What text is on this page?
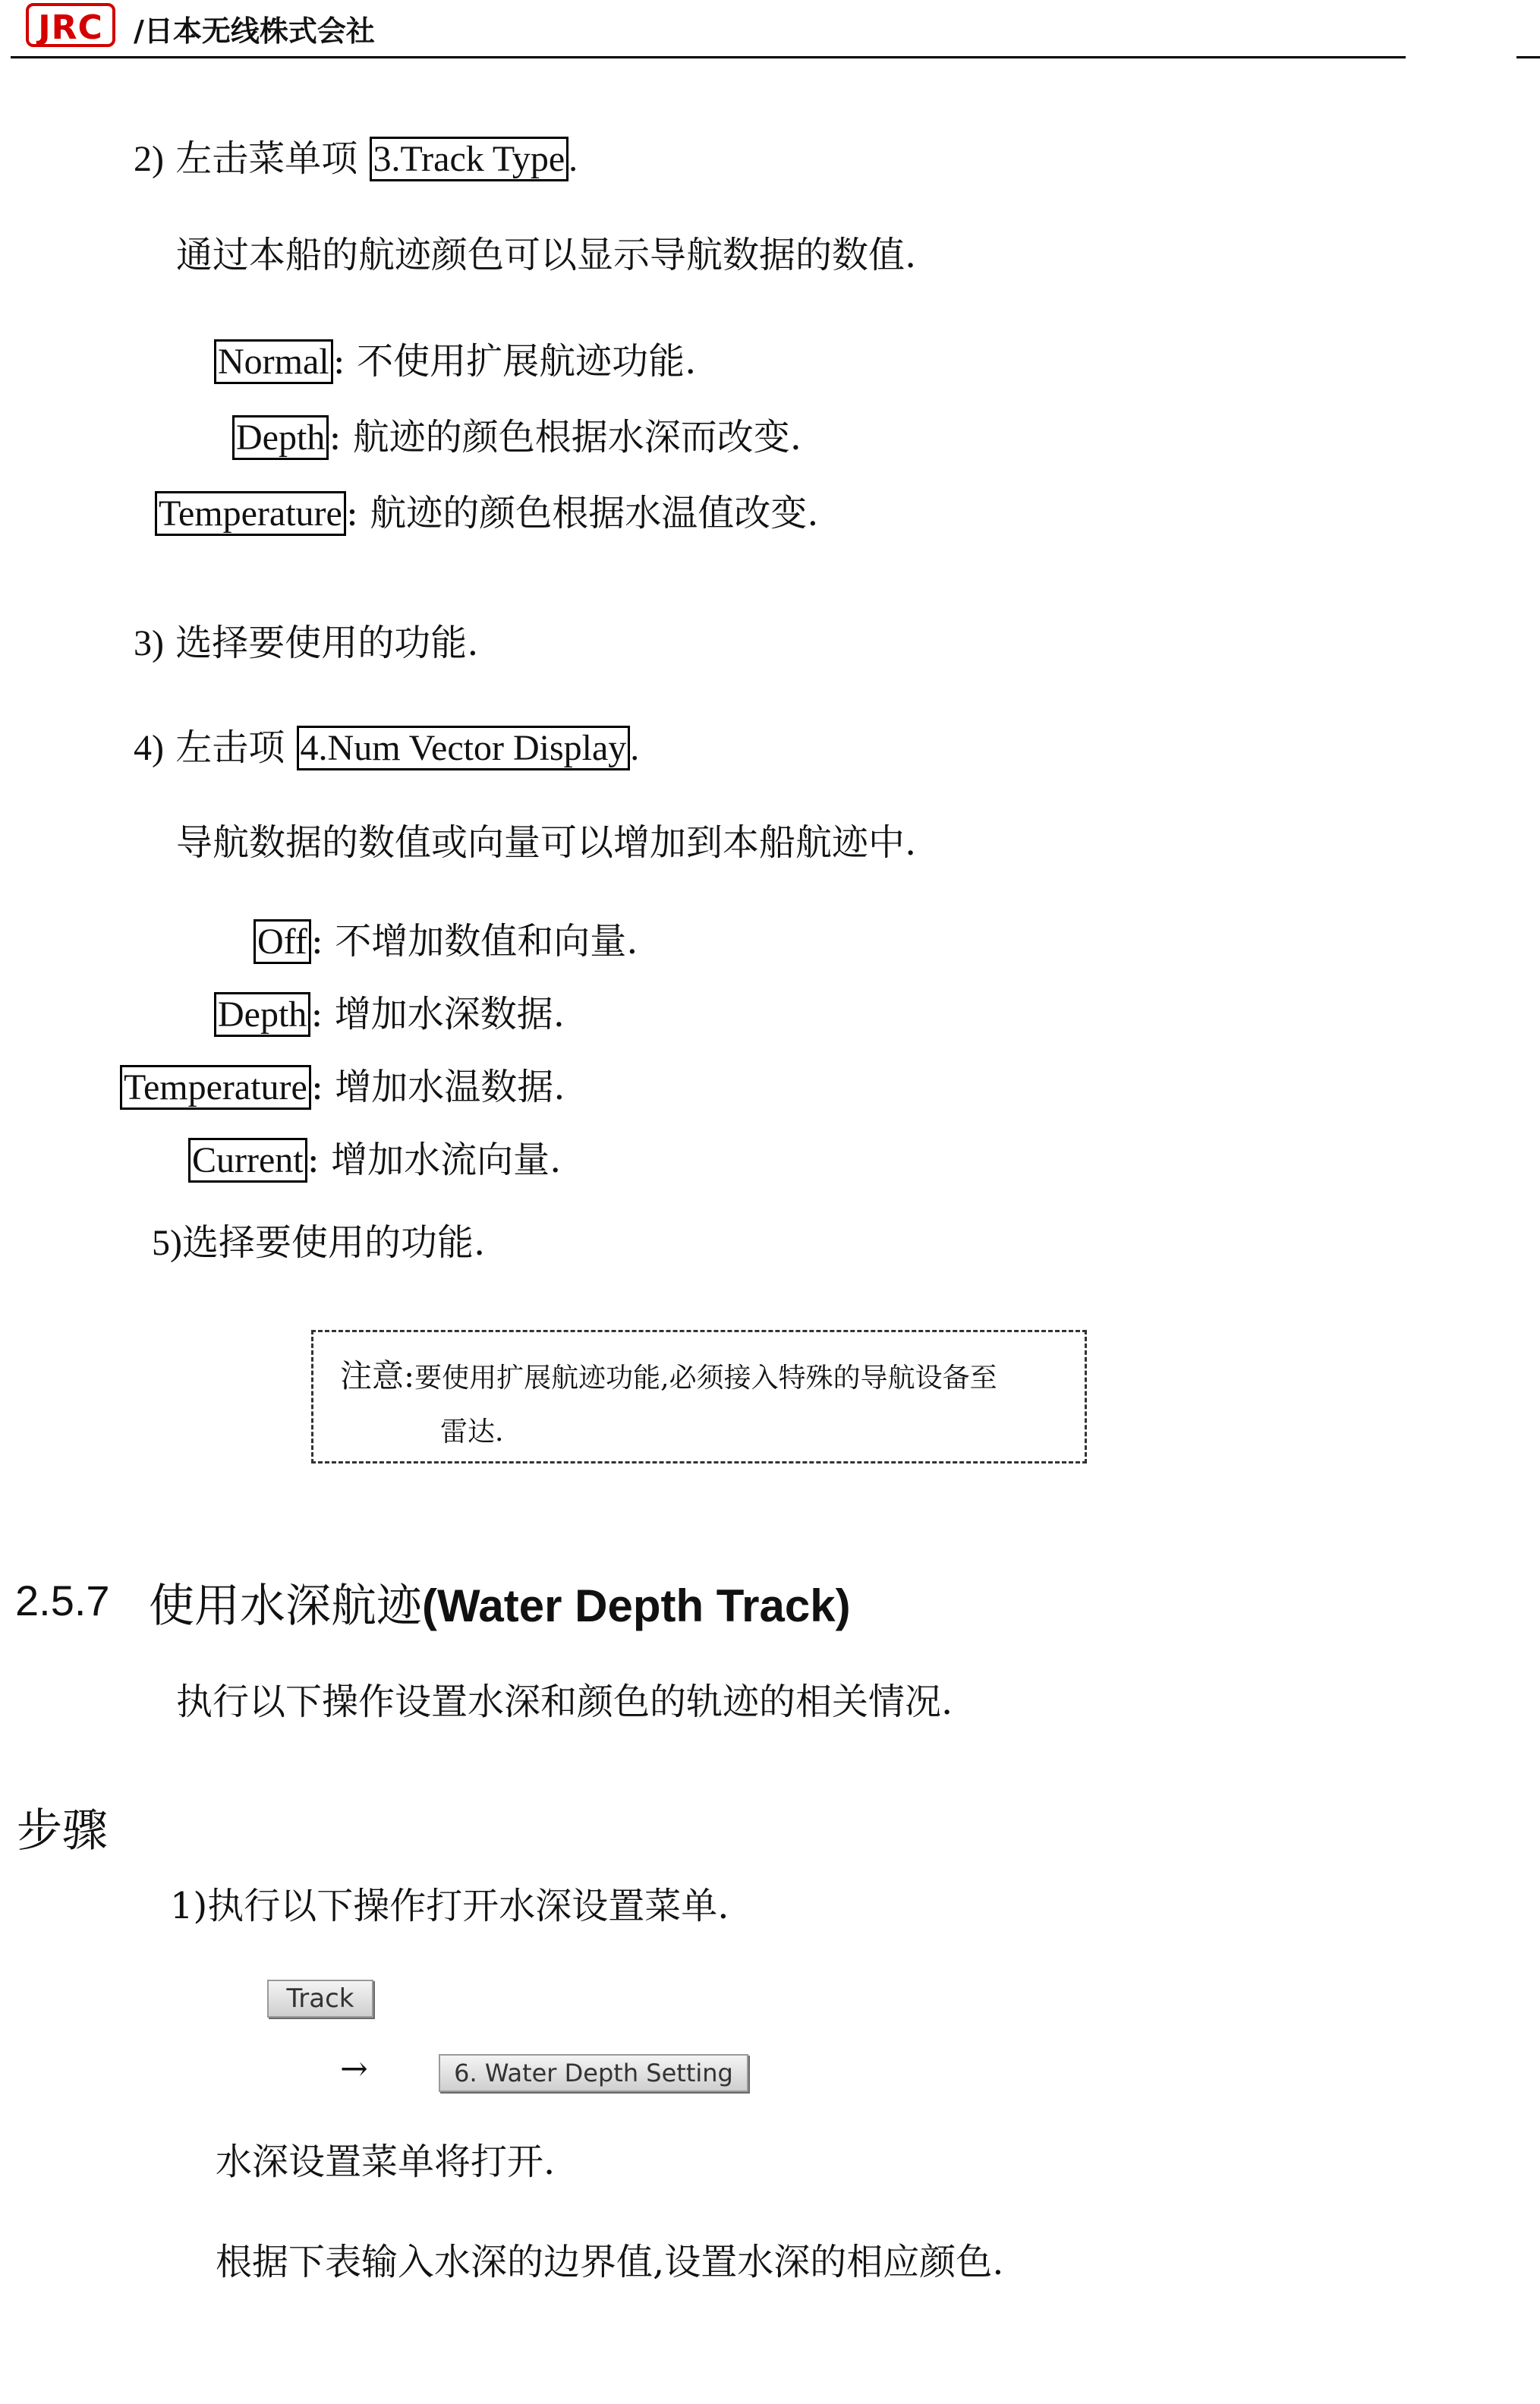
JRC	/日本无线株式会社
2) 左击菜单项 3.Track Type .
通过本船的航迹颜色可以显示导航数据的数值.
Normal : 不使用扩展航迹功能.
Depth : 航迹的颜色根据水深而改变.
Temperature : 航迹的颜色根据水温值改变.
3) 选择要使用的功能.
4) 左击项 4.Num Vector Display .
导航数据的数值或向量可以增加到本船航迹中.
Off : 不增加数值和向量.
Depth : 增加水深数据.
Temperature : 增加水温数据.
Current : 增加水流向量.
5)选择要使用的功能.
注意:要使用扩展航迹功能,必须接入特殊的导航设备至
雷达.
2.5.7 使用水深航迹(Water Depth Track)
执行以下操作设置水深和颜色的轨迹的相关情况.
步骤
1)执行以下操作打开水深设置菜单.
Track
→	6. Water Depth Setting
水深设置菜单将打开.
根据下表输入水深的边界值,设置水深的相应颜色.
